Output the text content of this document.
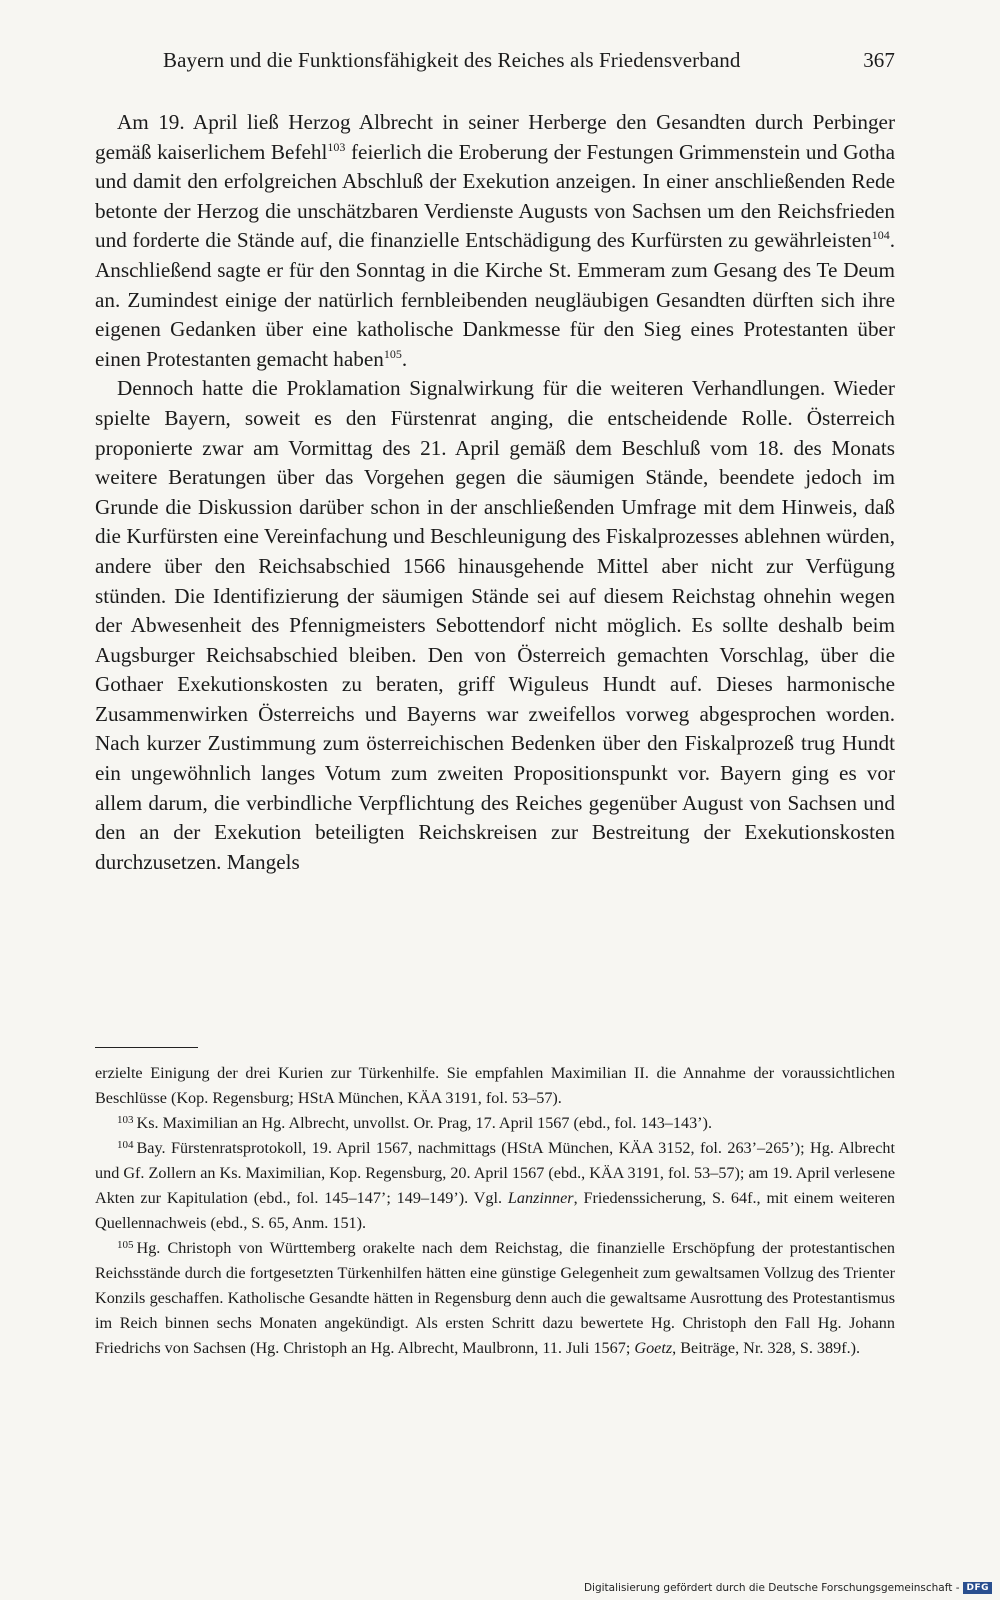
Bayern und die Funktionsfähigkeit des Reiches als Friedensverband	367

Am 19. April ließ Herzog Albrecht in seiner Herberge den Gesandten durch Perbinger gemäß kaiserlichem Befehl$^{103}$ feierlich die Eroberung der Festungen Grimmenstein und Gotha und damit den erfolgreichen Abschluß der Exekution anzeigen. In einer anschließenden Rede betonte der Herzog die unschätzbaren Verdienste Augusts von Sachsen um den Reichsfrieden und forderte die Stände auf, die finanzielle Entschädigung des Kurfürsten zu gewährleisten$^{104}$. Anschließend sagte er für den Sonntag in die Kirche St. Emmeram zum Gesang des Te Deum an. Zumindest einige der natürlich fernbleibenden neugläubigen Gesandten dürften sich ihre eigenen Gedanken über eine katholische Dankmesse für den Sieg eines Protestanten über einen Protestanten gemacht haben$^{105}$.

Dennoch hatte die Proklamation Signalwirkung für die weiteren Verhandlungen. Wieder spielte Bayern, soweit es den Fürstenrat anging, die entscheidende Rolle. Österreich proponierte zwar am Vormittag des 21. April gemäß dem Beschluß vom 18. des Monats weitere Beratungen über das Vorgehen gegen die säumigen Stände, beendete jedoch im Grunde die Diskussion darüber schon in der anschließenden Umfrage mit dem Hinweis, daß die Kurfürsten eine Vereinfachung und Beschleunigung des Fiskalprozesses ablehnen würden, andere über den Reichsabschied 1566 hinausgehende Mittel aber nicht zur Verfügung stünden. Die Identifizierung der säumigen Stände sei auf diesem Reichstag ohnehin wegen der Abwesenheit des Pfennigmeisters Sebottendorf nicht möglich. Es sollte deshalb beim Augsburger Reichsabschied bleiben. Den von Österreich gemachten Vorschlag, über die Gothaer Exekutionskosten zu beraten, griff Wiguleus Hundt auf. Dieses harmonische Zusammenwirken Österreichs und Bayerns war zweifellos vorweg abgesprochen worden. Nach kurzer Zustimmung zum österreichischen Bedenken über den Fiskalprozeß trug Hundt ein ungewöhnlich langes Votum zum zweiten Propositionspunkt vor. Bayern ging es vor allem darum, die verbindliche Verpflichtung des Reiches gegenüber August von Sachsen und den an der Exekution beteiligten Reichskreisen zur Bestreitung der Exekutionskosten durchzusetzen. Mangels

erzielte Einigung der drei Kurien zur Türkenhilfe. Sie empfahlen Maximilian II. die Annahme der voraussichtlichen Beschlüsse (Kop. Regensburg; HStA München, KÄA 3191, fol. 53–57).

$^{103}$ Ks. Maximilian an Hg. Albrecht, unvollst. Or. Prag, 17. April 1567 (ebd., fol. 143–143’).

$^{104}$ Bay. Fürstenratsprotokoll, 19. April 1567, nachmittags (HStA München, KÄA 3152, fol. 263’–265’); Hg. Albrecht und Gf. Zollern an Ks. Maximilian, Kop. Regensburg, 20. April 1567 (ebd., KÄA 3191, fol. 53–57); am 19. April verlesene Akten zur Kapitulation (ebd., fol. 145–147’; 149–149’). Vgl. Lanzinner, Friedenssicherung, S. 64f., mit einem weiteren Quellennachweis (ebd., S. 65, Anm. 151).

$^{105}$ Hg. Christoph von Württemberg orakelte nach dem Reichstag, die finanzielle Erschöpfung der protestantischen Reichsstände durch die fortgesetzten Türkenhilfen hätten eine günstige Gelegenheit zum gewaltsamen Vollzug des Trienter Konzils geschaffen. Katholische Gesandte hätten in Regensburg denn auch die gewaltsame Ausrottung des Protestantismus im Reich binnen sechs Monaten angekündigt. Als ersten Schritt dazu bewertete Hg. Christoph den Fall Hg. Johann Friedrichs von Sachsen (Hg. Christoph an Hg. Albrecht, Maulbronn, 11. Juli 1567; Goetz, Beiträge, Nr. 328, S. 389f.).

Digitalisierung gefördert durch die Deutsche Forschungsgemeinschaft - DFG
